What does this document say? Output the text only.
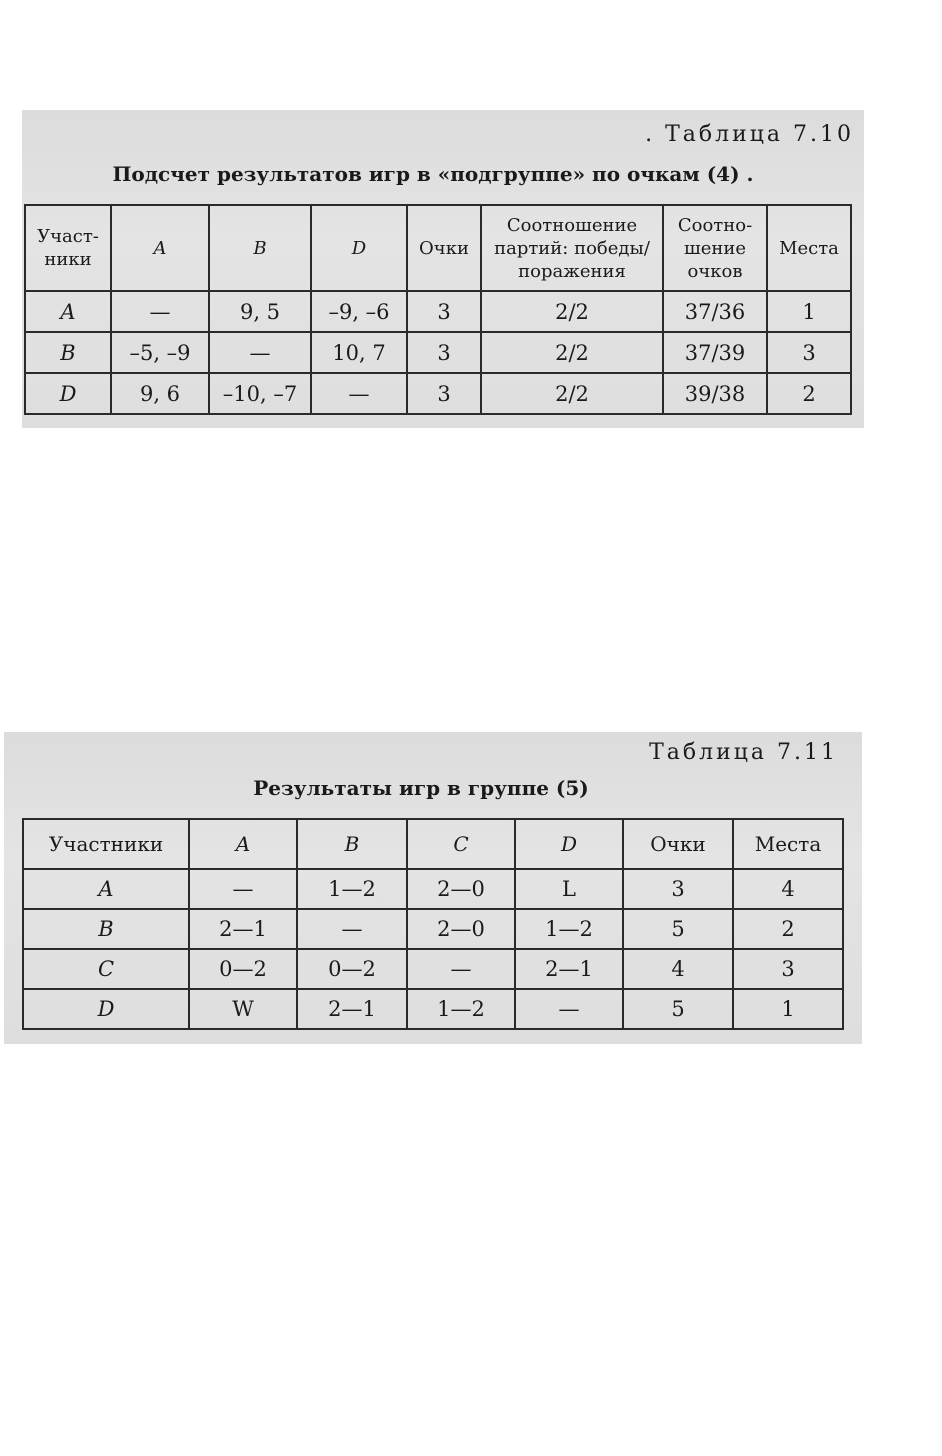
. Таблица 7.10
Подсчет результатов игр в «подгруппе» по очкам (4) .
Участ-ники	A	B	D	Очки	Соотношение партий: победы/поражения	Соотно-шение очков	Места
A	—	9, 5	–9, –6	3	2/2	37/36	1
B	–5, –9	—	10, 7	3	2/2	37/39	3
D	9, 6	–10, –7	—	3	2/2	39/38	2
Таблица 7.11
Результаты игр в группе (5)
Участники	A	B	C	D	Очки	Места
A	—	1—2	2—0	L	3	4
B	2—1	—	2—0	1—2	5	2
C	0—2	0—2	—	2—1	4	3
D	W	2—1	1—2	—	5	1
